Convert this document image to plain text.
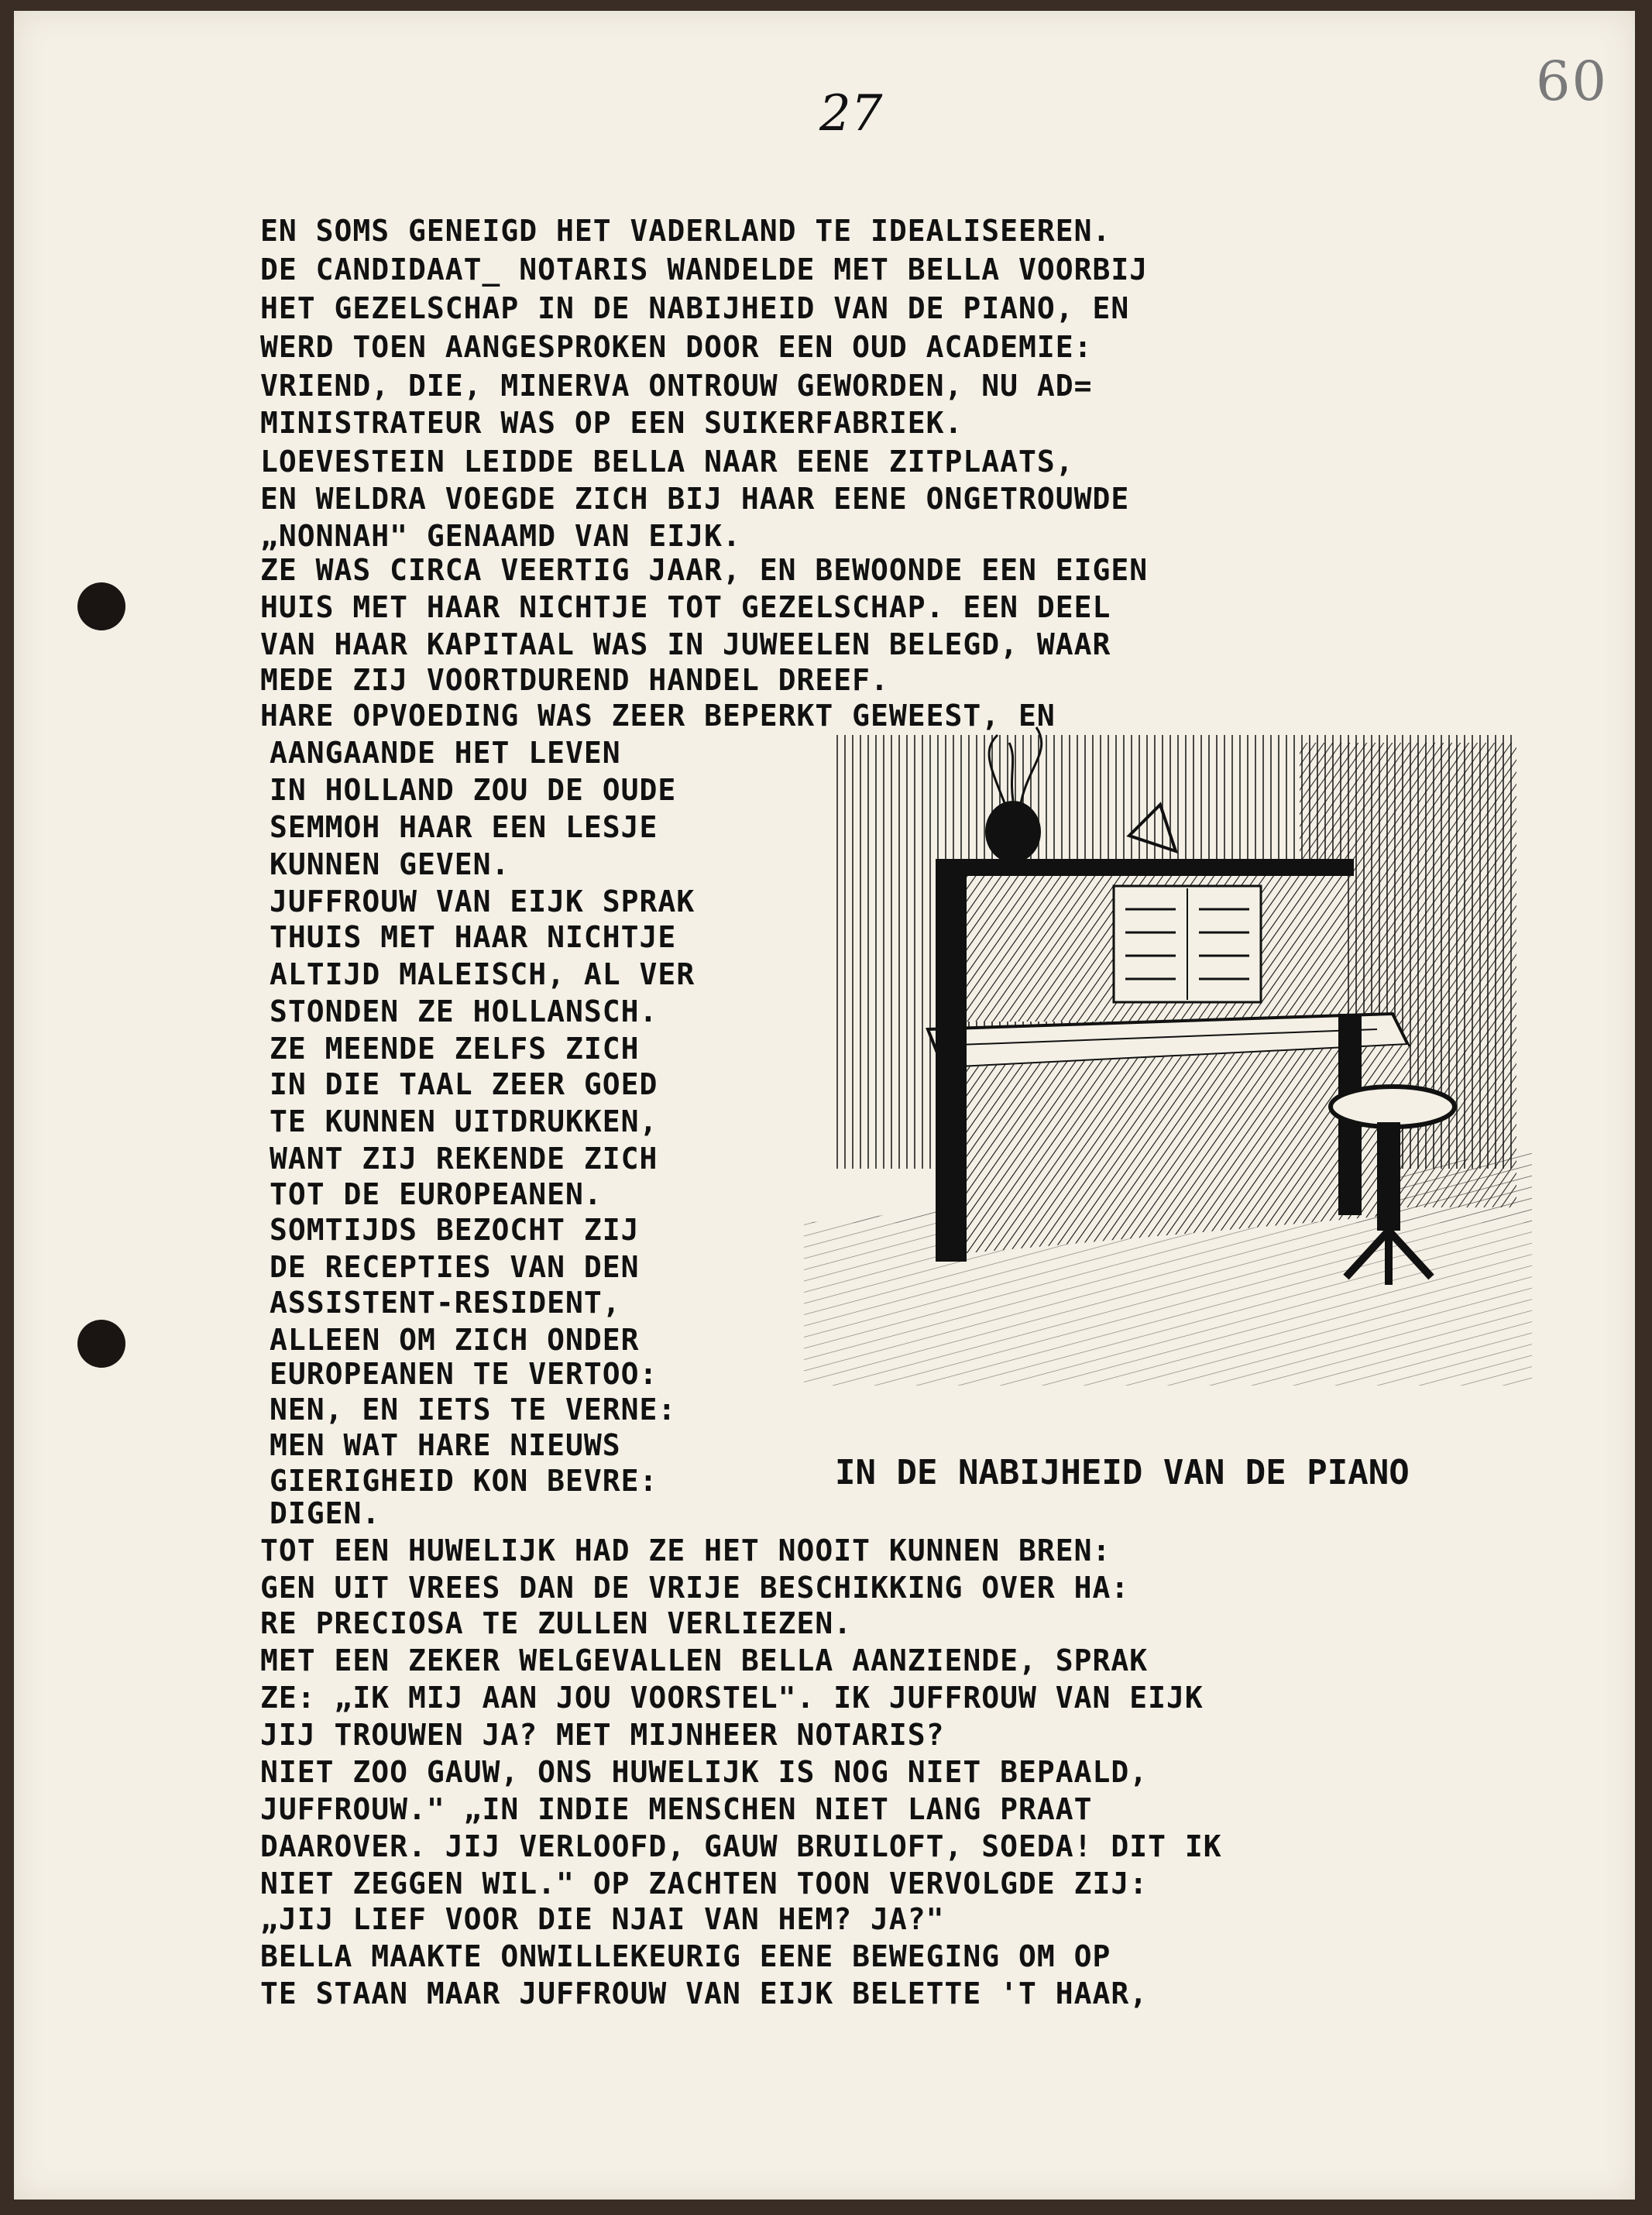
60
27
EN SOMS GENEIGD HET VADERLAND TE IDEALISEEREN.
DE CANDIDAAT_ NOTARIS WANDELDE MET BELLA VOORBIJ
HET GEZELSCHAP IN DE NABIJHEID VAN DE PIANO, EN
WERD TOEN AANGESPROKEN DOOR EEN OUD ACADEMIE:
VRIEND, DIE, MINERVA ONTROUW GEWORDEN, NU AD=
MINISTRATEUR WAS OP EEN SUIKERFABRIEK.
LOEVESTEIN LEIDDE BELLA NAAR EENE ZITPLAATS,
EN WELDRA VOEGDE ZICH BIJ HAAR EENE ONGETROUWDE
„NONNAH" GENAAMD VAN EIJK.
ZE WAS CIRCA VEERTIG JAAR, EN BEWOONDE EEN EIGEN
HUIS MET HAAR NICHTJE TOT GEZELSCHAP. EEN DEEL
VAN HAAR KAPITAAL WAS IN JUWEELEN BELEGD, WAAR
MEDE ZIJ VOORTDUREND HANDEL DREEF.
HARE OPVOEDING WAS ZEER BEPERKT GEWEEST, EN
AANGAANDE HET LEVEN
IN HOLLAND ZOU DE OUDE
SEMMOH HAAR EEN LESJE
KUNNEN GEVEN.
JUFFROUW VAN EIJK SPRAK
THUIS MET HAAR NICHTJE
ALTIJD MALEISCH, AL VER
STONDEN ZE HOLLANSCH.
ZE MEENDE ZELFS ZICH
IN DIE TAAL ZEER GOED
TE KUNNEN UITDRUKKEN,
WANT ZIJ REKENDE ZICH
TOT DE EUROPEANEN.
SOMTIJDS BEZOCHT ZIJ
DE RECEPTIES VAN DEN
ASSISTENT-RESIDENT,
ALLEEN OM ZICH ONDER
EUROPEANEN TE VERTOO:
NEN, EN IETS TE VERNE:
MEN WAT HARE NIEUWS
GIERIGHEID KON BEVRE:
DIGEN.
IN DE NABIJHEID VAN DE PIANO
TOT EEN HUWELIJK HAD ZE HET NOOIT KUNNEN BREN:
GEN UIT VREES DAN DE VRIJE BESCHIKKING OVER HA:
RE PRECIOSA TE ZULLEN VERLIEZEN.
MET EEN ZEKER WELGEVALLEN BELLA AANZIENDE, SPRAK
ZE: „IK MIJ AAN JOU VOORSTEL". IK JUFFROUW VAN EIJK
JIJ TROUWEN JA? MET MIJNHEER NOTARIS?
NIET ZOO GAUW, ONS HUWELIJK IS NOG NIET BEPAALD,
JUFFROUW." „IN INDIE MENSCHEN NIET LANG PRAAT
DAAROVER. JIJ VERLOOFD, GAUW BRUILOFT, SOEDA! DIT IK
NIET ZEGGEN WIL." OP ZACHTEN TOON VERVOLGDE ZIJ:
„JIJ LIEF VOOR DIE NJAI VAN HEM? JA?"
BELLA MAAKTE ONWILLEKEURIG EENE BEWEGING OM OP
TE STAAN MAAR JUFFROUW VAN EIJK BELETTE 'T HAAR,
